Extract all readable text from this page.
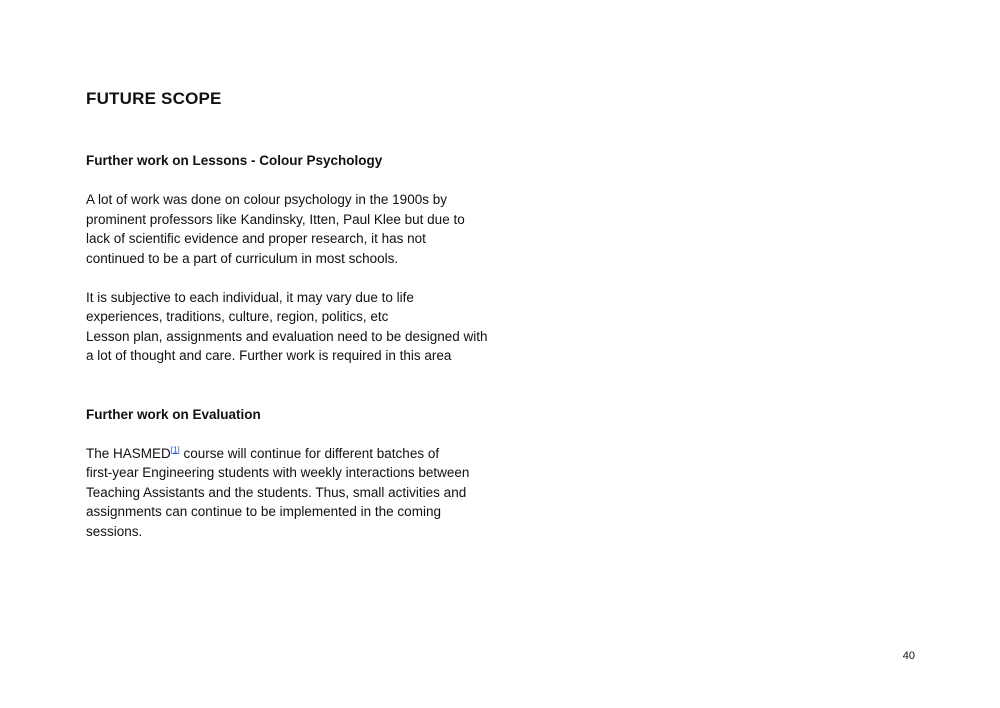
FUTURE SCOPE
Further work on Lessons - Colour Psychology

A lot of work was done on colour psychology in the 1900s by
prominent professors like Kandinsky, Itten, Paul Klee but due to
lack of scientific evidence and proper research, it has not
continued to be a part of curriculum in most schools.

It is subjective to each individual, it may vary due to life
experiences, traditions, culture, region, politics, etc
Lesson plan, assignments and evaluation need to be designed with
a lot of thought and care. Further work is required in this area

Further work on Evaluation

The HASMED[1] course will continue for different batches of
first-year Engineering students with weekly interactions between
Teaching Assistants and the students. Thus, small activities and
assignments can continue to be implemented in the coming
sessions.

40
